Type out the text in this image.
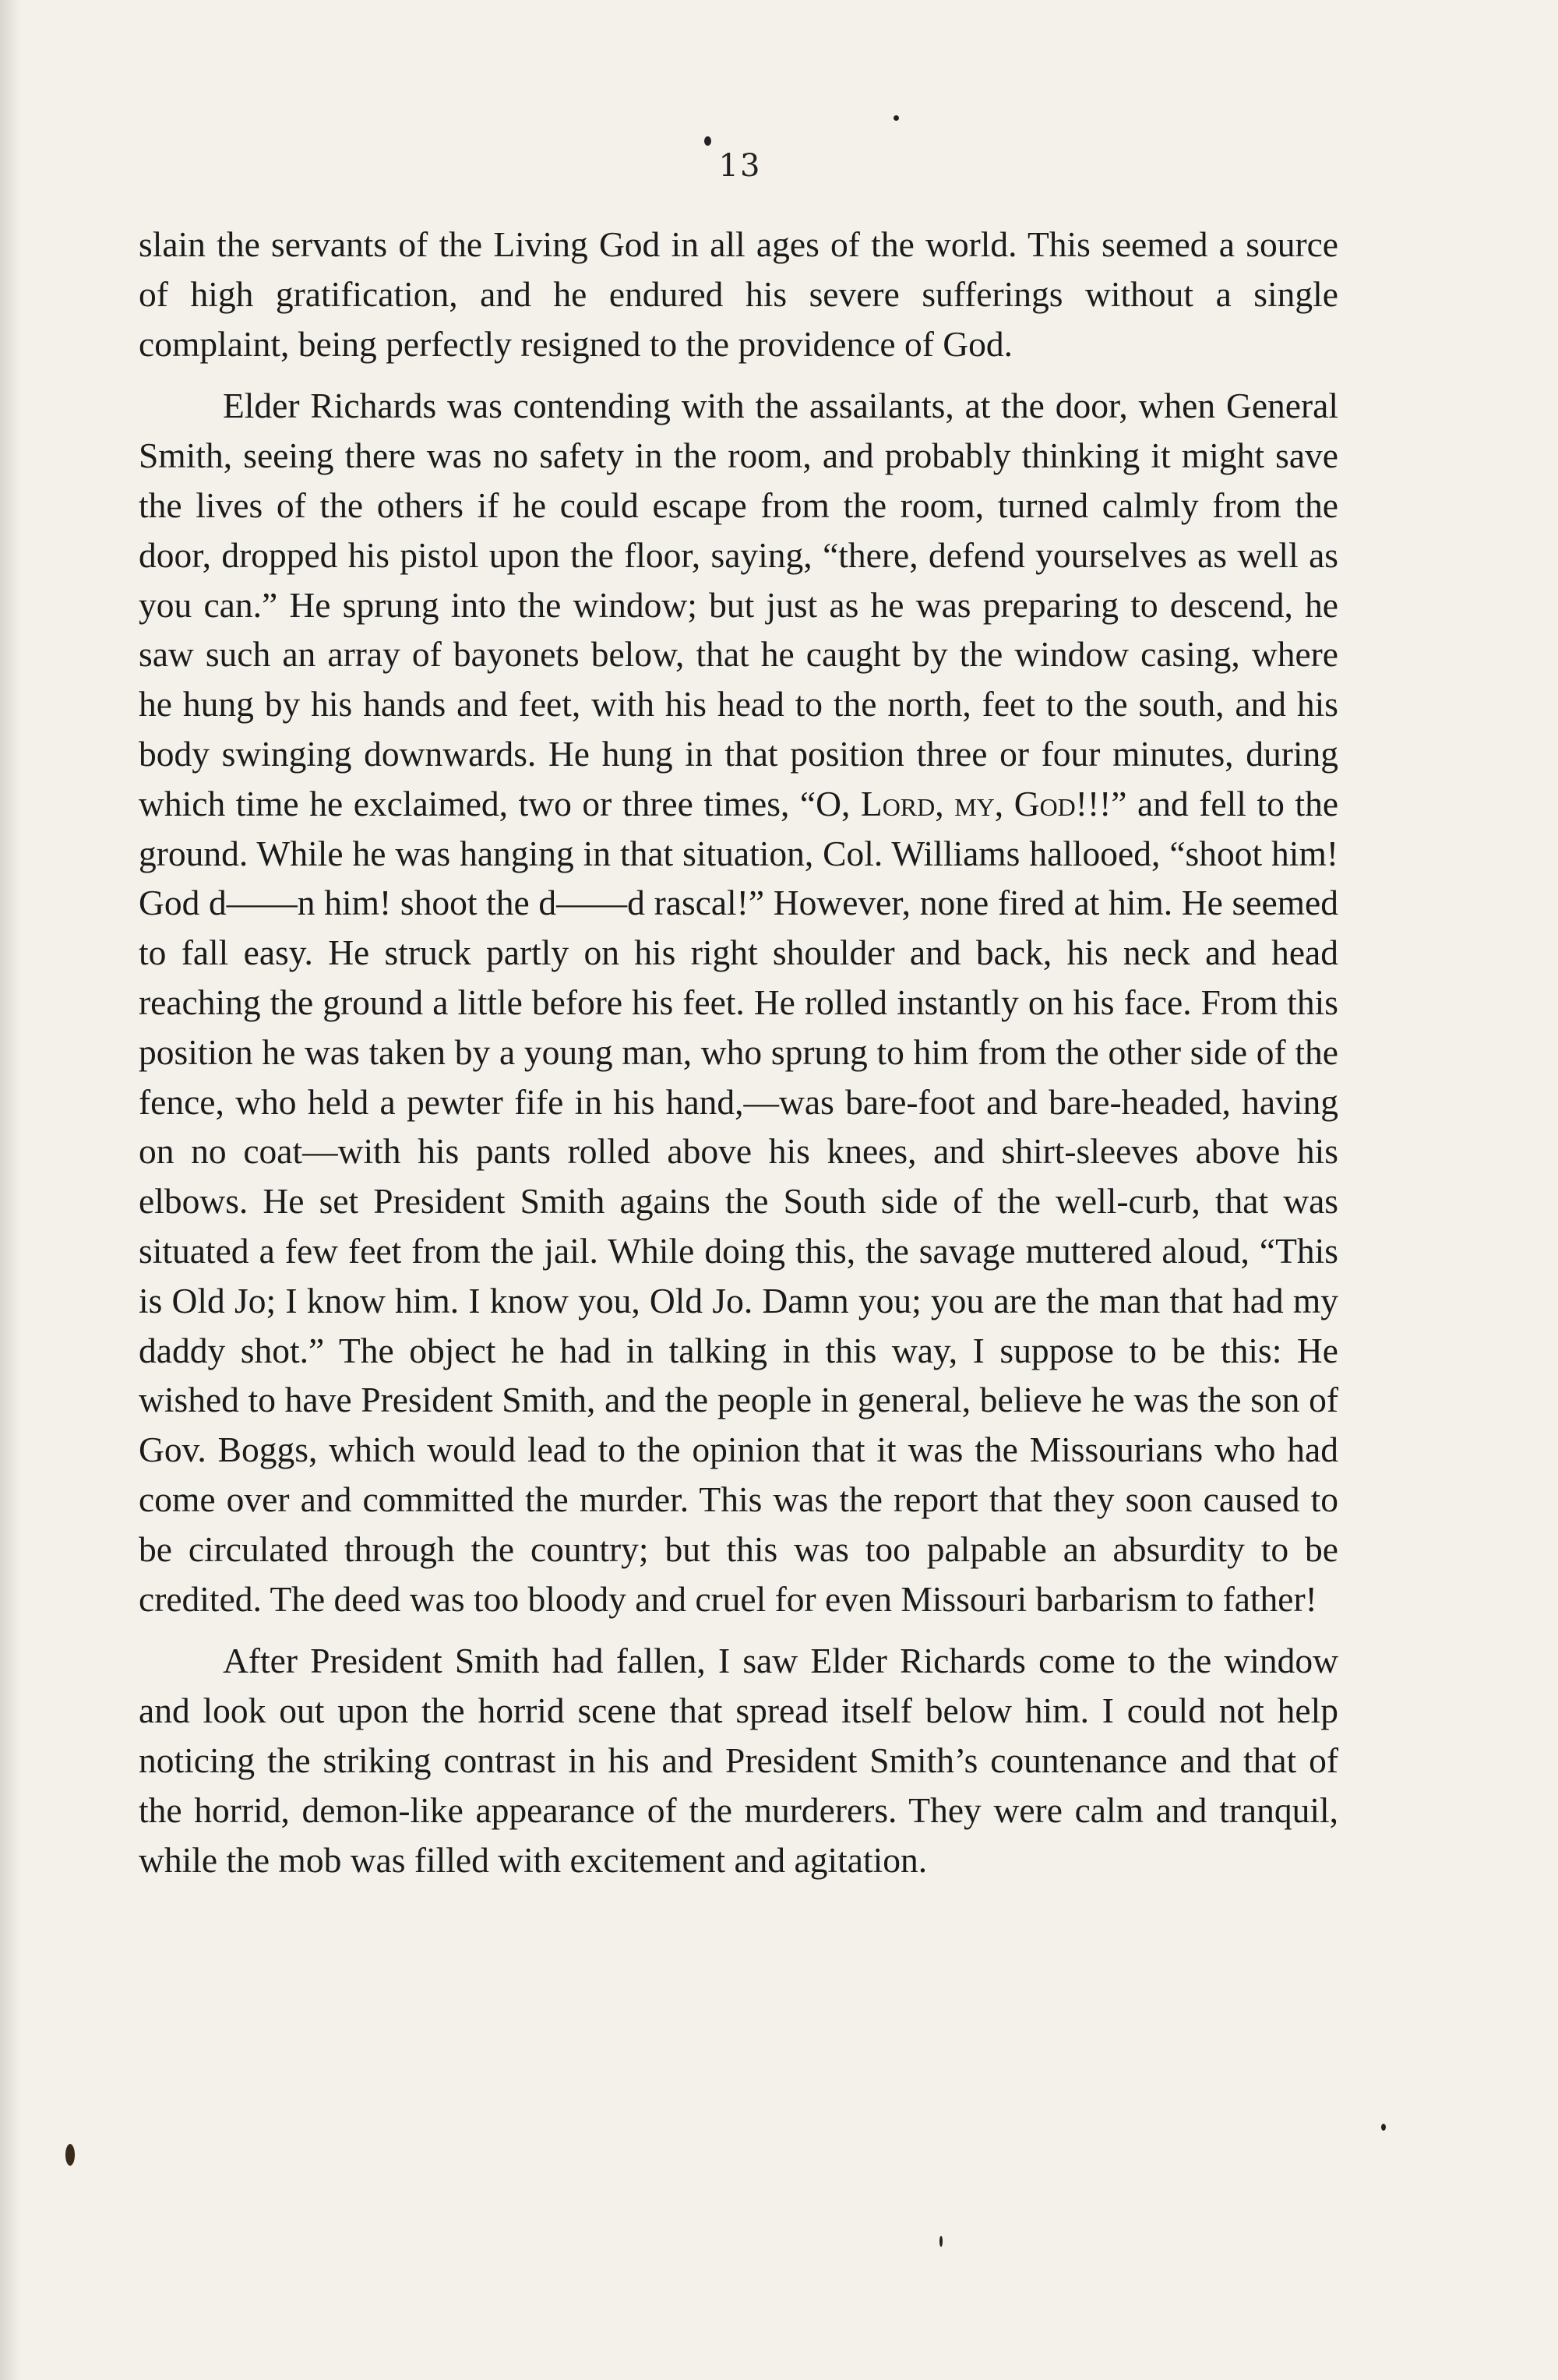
13

slain the servants of the Living God in all ages of the world. This seemed a source of high gratification, and he endured his severe sufferings without a single complaint, being perfectly resigned to the providence of God.

Elder Richards was contending with the assailants, at the door, when General Smith, seeing there was no safety in the room, and probably thinking it might save the lives of the others if he could escape from the room, turned calmly from the door, dropped his pistol upon the floor, saying, “there, defend yourselves as well as you can.” He sprung into the window; but just as he was preparing to descend, he saw such an array of bayonets below, that he caught by the window casing, where he hung by his hands and feet, with his head to the north, feet to the south, and his body swinging downwards. He hung in that position three or four minutes, during which time he exclaimed, two or three times, “O, Lord, my, God!!!” and fell to the ground. While he was hanging in that situation, Col. Williams hallooed, “shoot him! God d——n him! shoot the d——d rascal!” However, none fired at him. He seemed to fall easy. He struck partly on his right shoulder and back, his neck and head reaching the ground a little before his feet. He rolled instantly on his face. From this position he was taken by a young man, who sprung to him from the other side of the fence, who held a pewter fife in his hand,—was bare-foot and bare-headed, having on no coat—with his pants rolled above his knees, and shirt-sleeves above his elbows. He set President Smith agains the South side of the well-curb, that was situated a few feet from the jail. While doing this, the savage muttered aloud, “This is Old Jo; I know him. I know you, Old Jo. Damn you; you are the man that had my daddy shot.” The object he had in talking in this way, I suppose to be this: He wished to have President Smith, and the people in general, believe he was the son of Gov. Boggs, which would lead to the opinion that it was the Missourians who had come over and committed the murder. This was the report that they soon caused to be circulated through the country; but this was too palpable an absurdity to be credited. The deed was too bloody and cruel for even Missouri barbarism to father!

After President Smith had fallen, I saw Elder Richards come to the window and look out upon the horrid scene that spread itself below him. I could not help noticing the striking contrast in his and President Smith’s countenance and that of the horrid, demon-like appearance of the murderers. They were calm and tranquil, while the mob was filled with excitement and agitation.
